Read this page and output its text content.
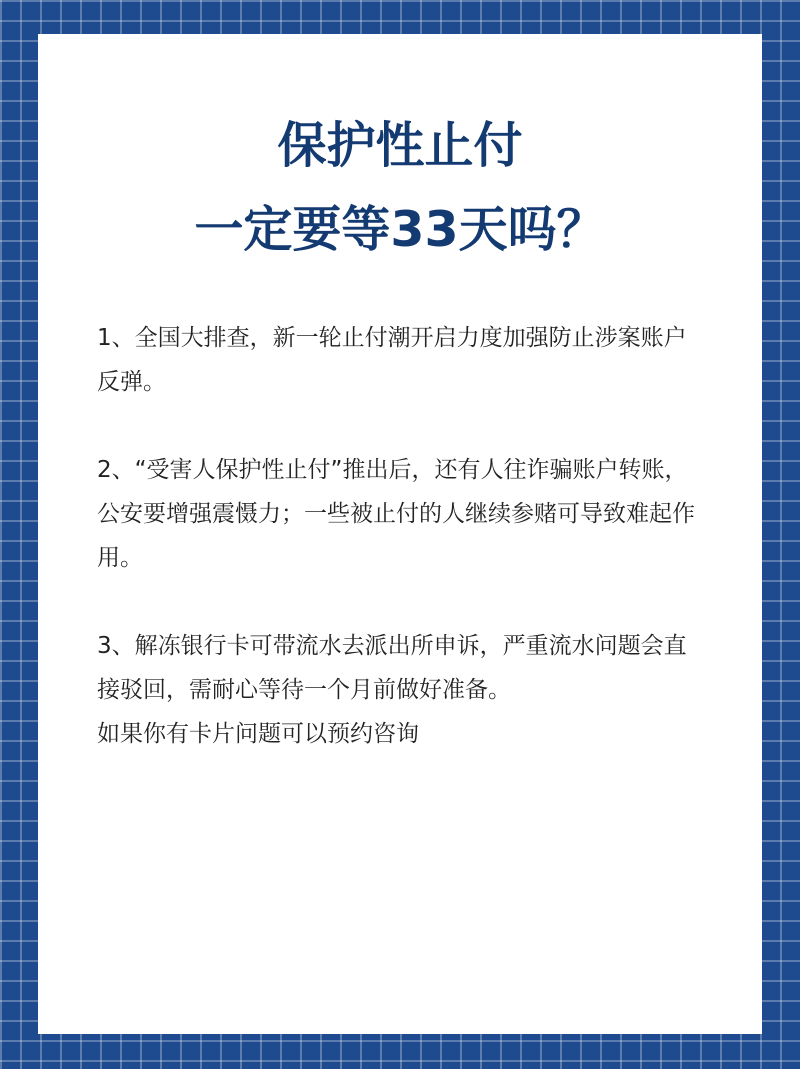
保护性止付
一定要等33天吗？

1、全国大排查，新一轮止付潮开启力度加强防止涉案账户反弹。

2、“受害人保护性止付”推出后，还有人往诈骗账户转账，公安要增强震慑力；一些被止付的人继续参赌可导致难起作用。

3、解冻银行卡可带流水去派出所申诉，严重流水问题会直接驳回，需耐心等待一个月前做好准备。

如果你有卡片问题可以预约咨询
